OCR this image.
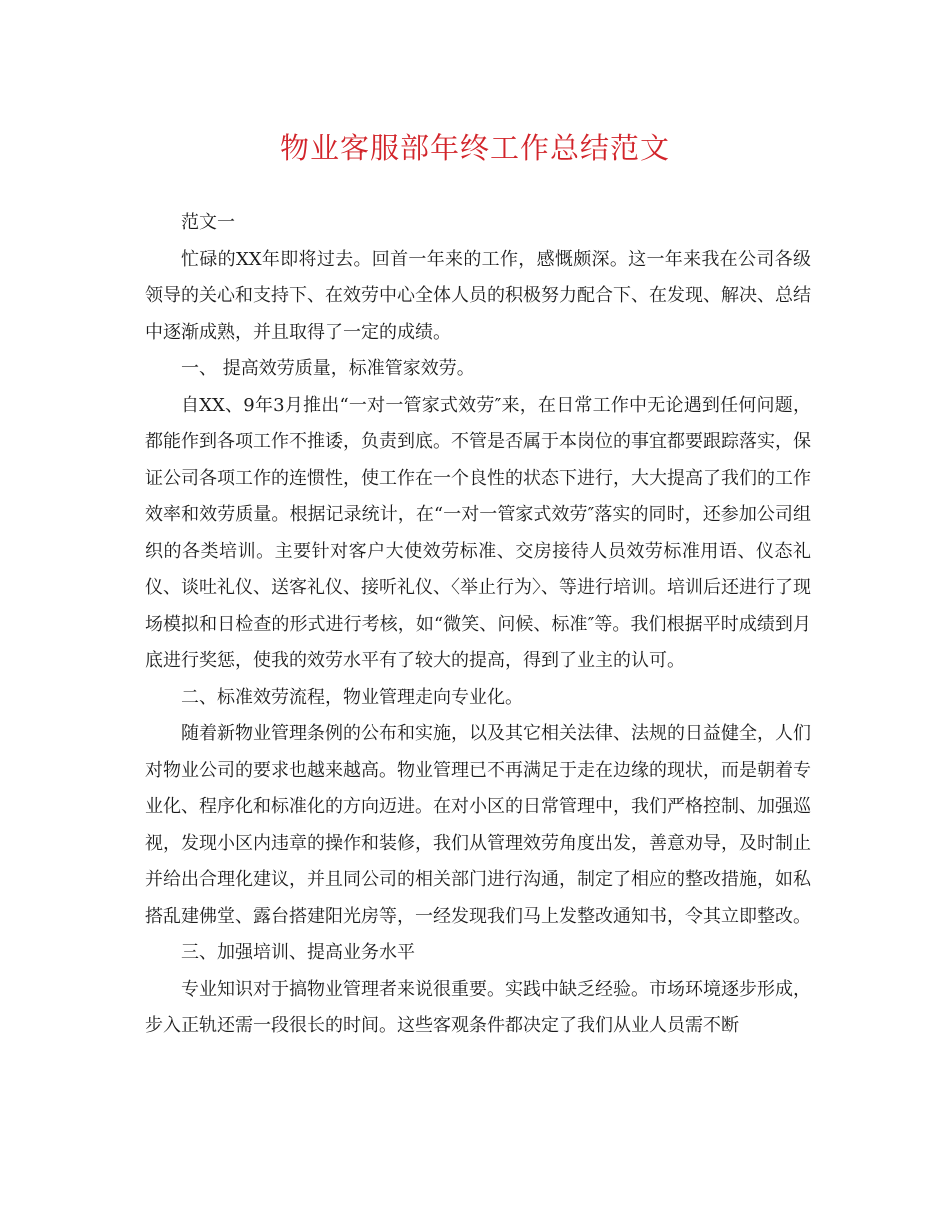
物业客服部年终工作总结范文

范文一

忙碌的XX年即将过去。回首一年来的工作，感慨颇深。这一年来我在公司各级领导的关心和支持下、在效劳中心全体人员的积极努力配合下、在发现、解决、总结中逐渐成熟，并且取得了一定的成绩。

一、 提高效劳质量，标准管家效劳。

自XX、9年3月推出“一对一管家式效劳″来，在日常工作中无论遇到任何问题，都能作到各项工作不推诿，负责到底。不管是否属于本岗位的事宜都要跟踪落实，保证公司各项工作的连惯性，使工作在一个良性的状态下进行，大大提高了我们的工作效率和效劳质量。根据记录统计，在“一对一管家式效劳″落实的同时，还参加公司组织的各类培训。主要针对客户大使效劳标准、交房接待人员效劳标准用语、仪态礼仪、谈吐礼仪、送客礼仪、接听礼仪、〈举止行为〉、等进行培训。培训后还进行了现场模拟和日检查的形式进行考核，如“微笑、问候、标准″等。我们根据平时成绩到月底进行奖惩，使我的效劳水平有了较大的提高，得到了业主的认可。

二、标准效劳流程，物业管理走向专业化。

随着新物业管理条例的公布和实施，以及其它相关法律、法规的日益健全，人们对物业公司的要求也越来越高。物业管理已不再满足于走在边缘的现状，而是朝着专业化、程序化和标准化的方向迈进。在对小区的日常管理中，我们严格控制、加强巡视，发现小区内违章的操作和装修，我们从管理效劳角度出发，善意劝导，及时制止并给出合理化建议，并且同公司的相关部门进行沟通，制定了相应的整改措施，如私搭乱建佛堂、露台搭建阳光房等，一经发现我们马上发整改通知书，令其立即整改。

三、加强培训、提高业务水平

专业知识对于搞物业管理者来说很重要。实践中缺乏经验。市场环境逐步形成，步入正轨还需一段很长的时间。这些客观条件都决定了我们从业人员需不断
